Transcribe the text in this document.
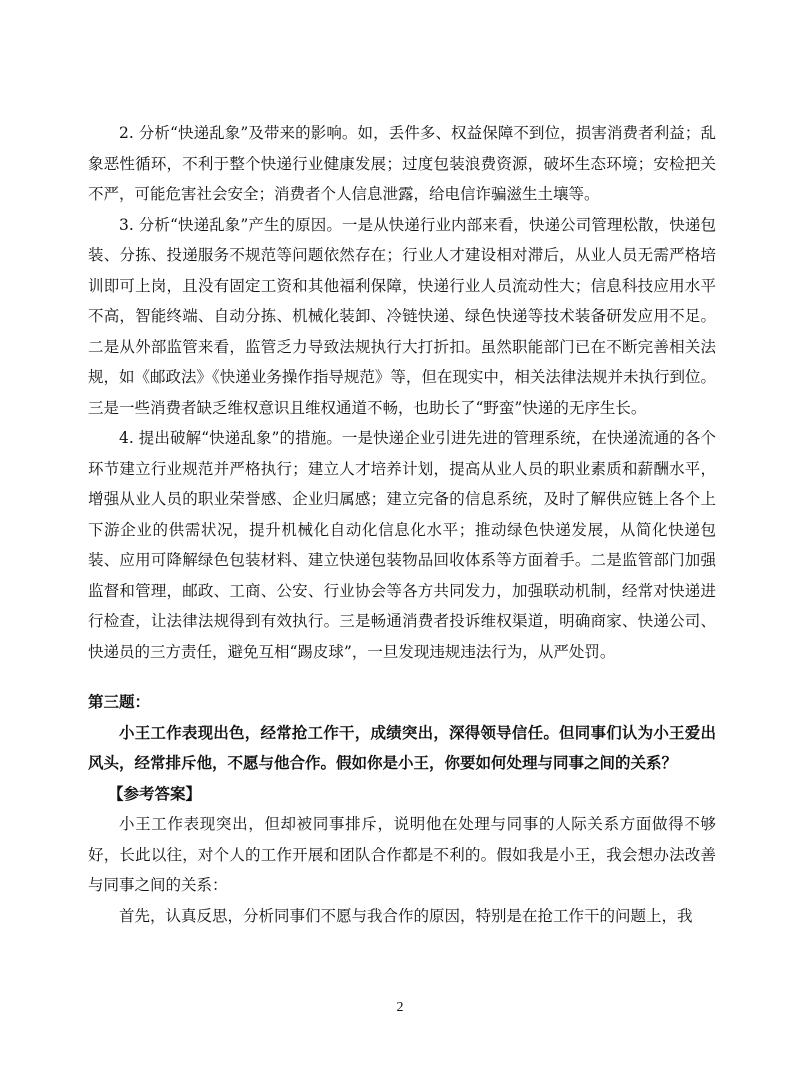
2. 分析“快递乱象”及带来的影响。如，丢件多、权益保障不到位，损害消费者利益；乱象恶性循环，不利于整个快递行业健康发展；过度包装浪费资源，破坏生态环境；安检把关不严，可能危害社会安全；消费者个人信息泄露，给电信诈骗滋生土壤等。

3. 分析“快递乱象”产生的原因。一是从快递行业内部来看，快递公司管理松散，快递包装、分拣、投递服务不规范等问题依然存在；行业人才建设相对滞后，从业人员无需严格培训即可上岗，且没有固定工资和其他福利保障，快递行业人员流动性大；信息科技应用水平不高，智能终端、自动分拣、机械化装卸、冷链快递、绿色快递等技术装备研发应用不足。二是从外部监管来看，监管乏力导致法规执行大打折扣。虽然职能部门已在不断完善相关法规，如《邮政法》《快递业务操作指导规范》等，但在现实中，相关法律法规并未执行到位。三是一些消费者缺乏维权意识且维权通道不畅，也助长了“野蛮”快递的无序生长。

4. 提出破解“快递乱象”的措施。一是快递企业引进先进的管理系统，在快递流通的各个环节建立行业规范并严格执行；建立人才培养计划，提高从业人员的职业素质和薪酬水平，增强从业人员的职业荣誉感、企业归属感；建立完备的信息系统，及时了解供应链上各个上下游企业的供需状况，提升机械化自动化信息化水平；推动绿色快递发展，从简化快递包装、应用可降解绿色包装材料、建立快递包装物品回收体系等方面着手。二是监管部门加强监督和管理，邮政、工商、公安、行业协会等各方共同发力，加强联动机制，经常对快递进行检查，让法律法规得到有效执行。三是畅通消费者投诉维权渠道，明确商家、快递公司、快递员的三方责任，避免互相“踢皮球”，一旦发现违规违法行为，从严处罚。

第三题：

小王工作表现出色，经常抢工作干，成绩突出，深得领导信任。但同事们认为小王爱出风头，经常排斥他，不愿与他合作。假如你是小王，你要如何处理与同事之间的关系？

【参考答案】

小王工作表现突出，但却被同事排斥，说明他在处理与同事的人际关系方面做得不够好，长此以往，对个人的工作开展和团队合作都是不利的。假如我是小王，我会想办法改善与同事之间的关系：

首先，认真反思，分析同事们不愿与我合作的原因，特别是在抢工作干的问题上，我

2
